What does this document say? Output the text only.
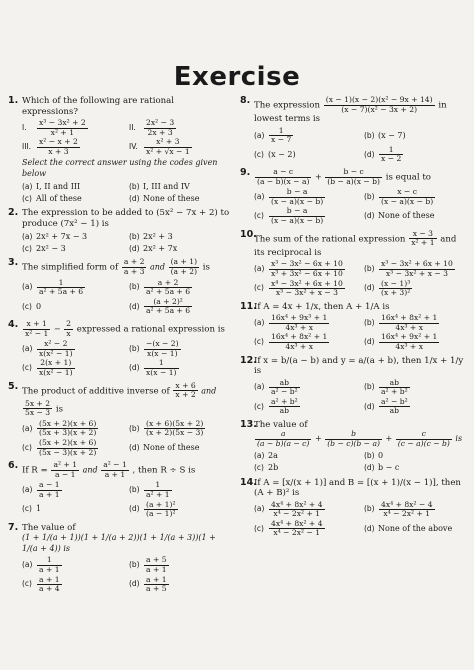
Exercise
1. Which of the following are rational expressions?
I.	$\frac{\text{x³ − 3x² + 2}}{\text{x² + 1}}$	II.	$\frac{\text{2x² − 3}}{2x + 3}$
III. $\frac{\text{x² − x + 2}}{x + 3}$	IV. $\frac{\text{x² + 3}}{\text{x² + √x − 1}}$
Select the correct answer using the codes given below
(a) I, II and III	(b) I, III and IV
(c) All of these	(d) None of these
2. The expression to be added to (5x² − 7x + 2) to produce (7x² − 1) is
(a) 2x² + 7x − 3	(b) 2x² + 3
(c) 2x² − 3	(d) 2x² + 7x
3. The simplified form of $\frac{a + 2}{a + 3}$ and $\frac{(a + 1)}{(a + 2)}$ is
$(a) \frac{1}{\text{a² + 5a + 6}}$	$(b) \frac{a + 2}{\text{a² + 5a + 6}}$
(c) 0	$(d) \frac{\text{(a + 2)²}}{\text{a² + 5a + 6}}$
4. $\frac{x + 1}{\text{x² − 1}} - \frac{2}{x}$ expressed a rational expression is
$(a) \frac{\text{x² − 2}}{\text{x(x² − 1)}}$	$(b) \frac{-(x - 2)}{x(x - 1)}$
$(c) \frac{2(x + 1)}{\text{x(x² − 1)}}$	$(d) \frac{1}{x(x - 1)}$
5. The product of additive inverse of $\frac{x + 6}{x + 2}$ and
$\frac{5x + 2}{5x - 3}$ is
$(a) \frac{(5x + 2)(x + 6)}{(5x + 3)(x + 2)}$	$(b) \frac{(x + 6)(5x + 2)}{(x + 2)(5x - 3)}$
$(c) \frac{(5x + 2)(x + 6)}{(5x - 3)(x + 2)}$	(d) None of these
6. If $R = \frac{\text{a² + 1}}{a - 1}$ and $\frac{\text{a² − 1}}{a + 1}$ , then R ÷ S is
$(a) \frac{a - 1}{a + 1}$	$(b) \frac{1}{\text{a² + 1}}$
(c) 1	$(d) \frac{\text{(a + 1)²}}{\text{(a − 1)²}}$
7. The value of
(1 + 1/(a + 1))(1 + 1/(a + 2))(1 + 1/(a + 3))(1 + 1/(a + 4)) is
$(a) \frac{1}{a + 1}$	$(b) \frac{a + 5}{a + 1}$
$(c) \frac{a + 1}{a + 4}$	$(d) \frac{a + 1}{a + 5}$
8. The expression $\frac{\text{(x − 1)(x − 2)(x² − 9x + 14)}}{\text{(x − 7)(x² − 3x + 2)}}$ in lowest terms is
$(a) \frac{1}{x - 7}$	(b) (x − 7)
(c) (x − 2)	$(d) \frac{1}{x - 2}$
9. $\frac{a - c}{(a - b)(x - a)} + \frac{b - c}{(b - a)(x - b)}$ is equal to
$(a) \frac{b - a}{(x - a)(x - b)}$	$(b) \frac{x - c}{(x - a)(x - b)}$
$(c) \frac{b - a}{(x - a)(x - b)}$	(d) None of these
10.
The sum of the rational expression $\frac{x - 3}{\text{x² + 1}}$ and its reciprocal is
$(a) \frac{\text{x³ − 3x² − 6x + 10}}{\text{x³ + 3x² − 6x + 10}}$	$(b) \frac{\text{x³ − 3x² + 6x + 10}}{\text{x³ − 3x² + x − 3}}$
$(c) \frac{\text{x⁴ − 3x² + 6x + 10}}{\text{x³ − 3x² + x − 3}}$	$(d) \frac{\text{(x − 1)³}}{\text{(x + 3)²}}$
11.
If A = 4x + 1/x, then A + 1/A is
$(a) \frac{\text{16x⁴ + 9x³ + 1}}{\text{4x³ + x}}$	$(b) \frac{\text{16x⁴ + 8x² + 1}}{\text{4x³ + x}}$
$(c) \frac{\text{16x⁴ + 8x² + 1}}{\text{4x³ + x}}$	$(d) \frac{\text{16x⁴ + 9x² + 1}}{\text{4x³ + x}}$
12.
If x = b/(a − b) and y = a/(a + b), then 1/x + 1/y is
$(a) \frac{ab}{\text{a² − b²}}$	$(b) \frac{ab}{\text{a² + b²}}$
$(c) \frac{\text{a² + b²}}{ab}$	$(d) \frac{\text{a² − b²}}{ab}$
13.
The value of
$\frac{a}{(a - b)(a - c)} + \frac{b}{(b - c)(b - a)} + \frac{c}{(c - a)(c - b)}$ is
(a) 2a	(b) 0
(c) 2b	(d) b − c
14.
If A = [x/(x + 1)] and B = [(x + 1)/(x − 1)], then (A + B)² is
$(a) \frac{\text{4x⁴ + 8x² + 4}}{\text{x⁴ − 2x² + 1}}$	$(b) \frac{\text{4x⁴ + 8x² − 4}}{\text{x⁴ − 2x² + 1}}$
$(c) \frac{\text{4x⁴ + 8x² + 4}}{\text{x⁴ − 2x² − 1}}$	(d) None of the above
